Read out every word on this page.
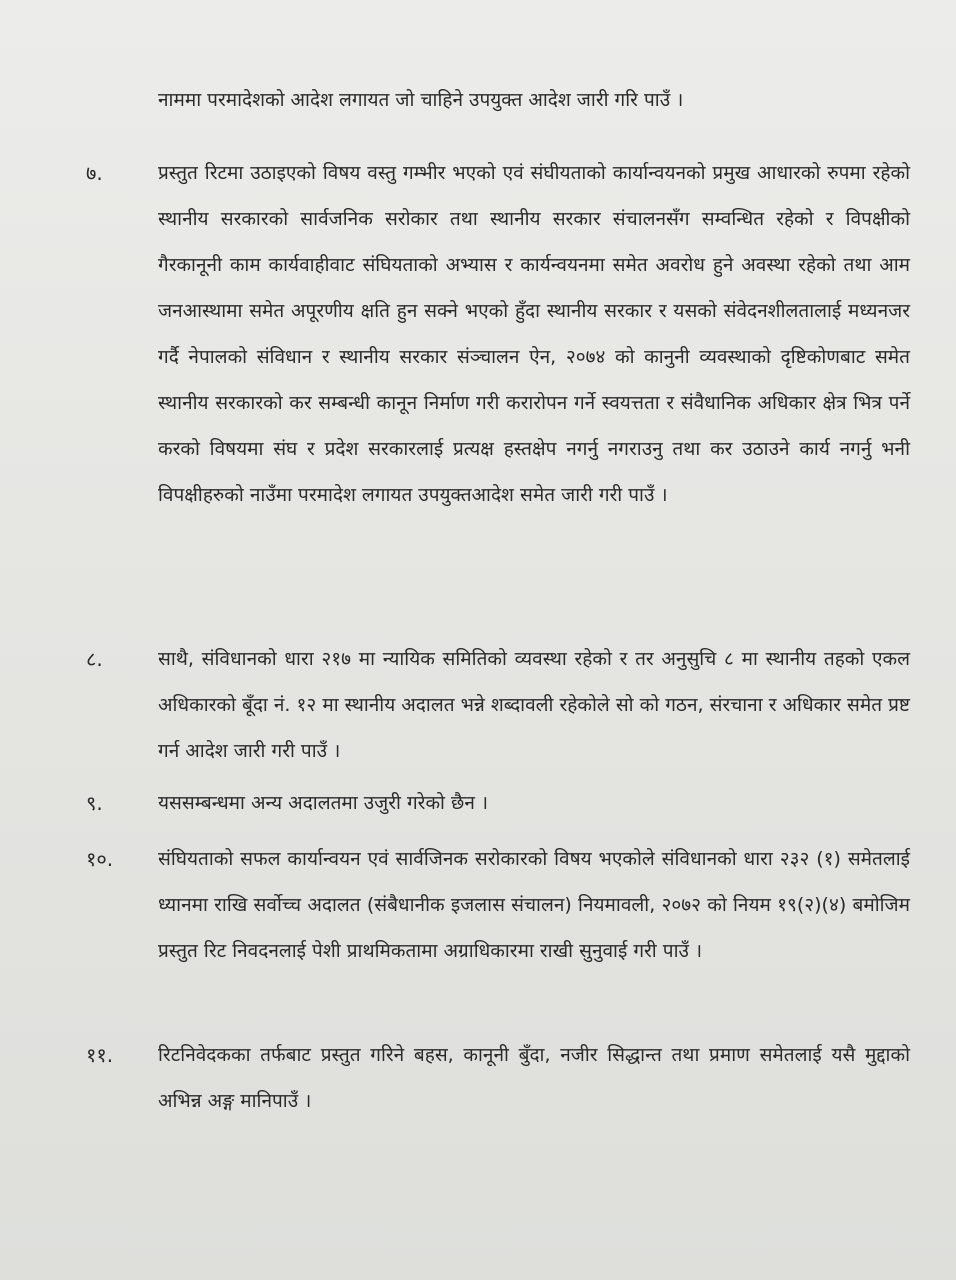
नाममा परमादेशको आदेश लगायत जो चाहिने उपयुक्त आदेश जारी गरि पाउँ ।
७.	प्रस्तुत रिटमा उठाइएको विषय वस्तु गम्भीर भएको एवं संघीयताको कार्यान्वयनको प्रमुख आधारको रुपमा रहेको स्थानीय सरकारको सार्वजनिक सरोकार तथा स्थानीय सरकार संचालनसँग सम्वन्धित रहेको र विपक्षीको गैरकानूनी काम कार्यवाहीवाट संघियताको अभ्यास र कार्यन्वयनमा समेत अवरोध हुने अवस्था रहेको तथा आम जनआस्थामा समेत अपूरणीय क्षति हुन सक्ने भएको हुँदा स्थानीय सरकार र यसको संवेदनशीलतालाई मध्यनजर गर्दै नेपालको संविधान र स्थानीय सरकार संञ्चालन ऐन, २०७४ को कानुनी व्यवस्थाको दृष्टिकोणबाट समेत स्थानीय सरकारको कर सम्बन्धी कानून निर्माण गरी करारोपन गर्ने स्वयत्तता र संवैधानिक अधिकार क्षेत्र भित्र पर्ने करको विषयमा संघ र प्रदेश सरकारलाई प्रत्यक्ष हस्तक्षेप नगर्नु नगराउनु तथा कर उठाउने कार्य नगर्नु भनी विपक्षीहरुको नाउँमा परमादेश लगायत उपयुक्तआदेश समेत जारी गरी पाउँ ।
८.	साथै, संविधानको धारा २१७ मा न्यायिक समितिको व्यवस्था रहेको र तर अनुसुचि ८ मा स्थानीय तहको एकल अधिकारको बूँदा नं. १२ मा स्थानीय अदालत भन्ने शब्दावली रहेकोले सो को गठन, संरचाना र अधिकार समेत प्रष्ट गर्न आदेश जारी गरी पाउँ ।
९.	यससम्बन्धमा अन्य अदालतमा उजुरी गरेको छैन ।
१०. संघियताको सफल कार्यान्वयन एवं सार्वजिनक सरोकारको विषय भएकोले संविधानको धारा २३२ (१) समेतलाई ध्यानमा राखि सर्वोच्च अदालत (संबैधानीक इजलास संचालन) नियमावली, २०७२ को नियम १९(२)(४) बमोजिम प्रस्तुत रिट निवदनलाई पेशी प्राथमिकतामा अग्राधिकारमा राखी सुनुवाई गरी पाउँ ।
११. रिटनिवेदकका तर्फबाट प्रस्तुत गरिने बहस, कानूनी बुँदा, नजीर सिद्धान्त तथा प्रमाण समेतलाई यसै मुद्दाको अभिन्न अङ्ग मानिपाउँ ।
